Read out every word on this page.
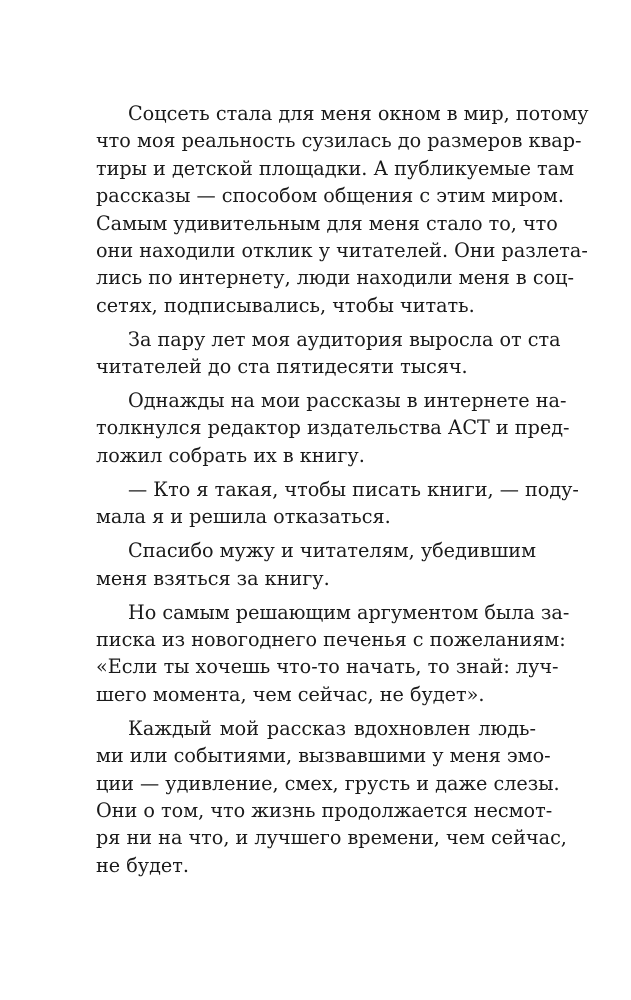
Соцсеть стала для меня окном в мир, потому
что моя реальность сузилась до размеров квар-
тиры и детской площадки. А публикуемые там
рассказы — способом общения с этим миром.
Самым удивительным для меня стало то, что
они находили отклик у читателей. Они разлета-
лись по интернету, люди находили меня в соц-
сетях, подписывались, чтобы читать.
За пару лет моя аудитория выросла от ста
читателей до ста пятидесяти тысяч.
Однажды на мои рассказы в интернете на-
толкнулся редактор издательства АСТ и пред-
ложил собрать их в книгу.
— Кто я такая, чтобы писать книги, — поду-
мала я и решила отказаться.
Спасибо мужу и читателям, убедившим
меня взяться за книгу.
Но самым решающим аргументом была за-
писка из новогоднего печенья с пожеланиям:
«Если ты хочешь что-то начать, то знай: луч-
шего момента, чем сейчас, не будет».
Каждый мой рассказ вдохновлен людь-
ми или событиями, вызвавшими у меня эмо-
ции — удивление, смех, грусть и даже слезы.
Они о том, что жизнь продолжается несмот-
ря ни на что, и лучшего времени, чем сейчас,
не будет.
